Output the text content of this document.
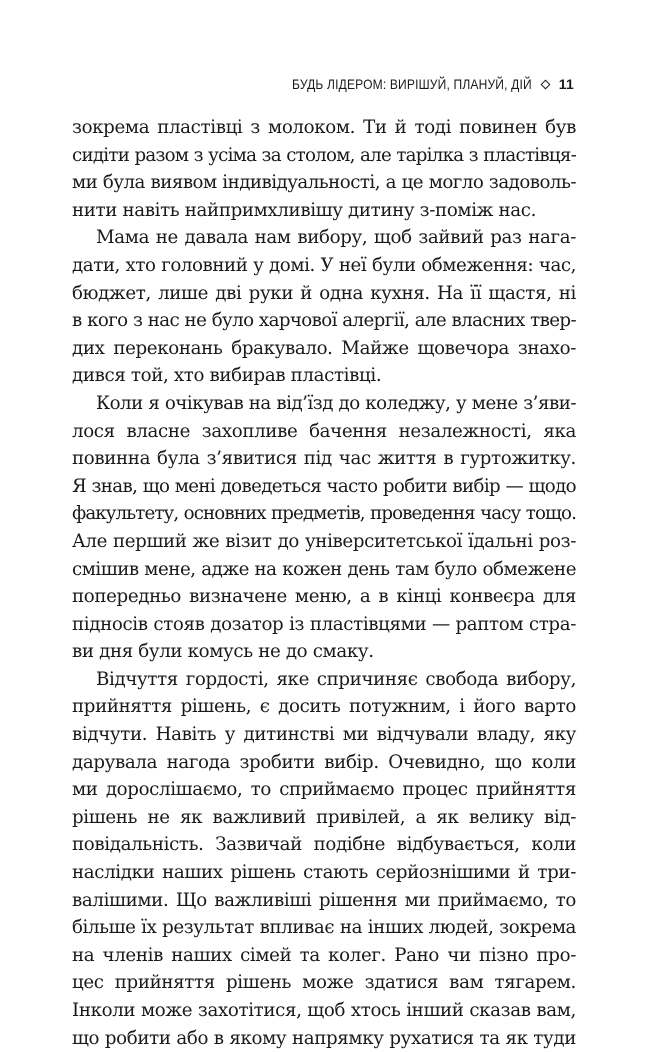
БУДЬ ЛІДЕРОМ: ВИРІШУЙ, ПЛАНУЙ, ДІЙ 11
зокрема пластівці з молоком. Ти й тоді повинен був
сидіти разом з усіма за столом, але тарілка з пластівця-
ми була виявом індивідуальності, а це могло задоволь-
нити навіть найпримхливішу дитину з-поміж нас.
Мама не давала нам вибору, щоб зайвий раз нага-
дати, хто головний у домі. У неї були обмеження: час,
бюджет, лише дві руки й одна кухня. На її щастя, ні
в кого з нас не було харчової алергії, але власних твер-
дих переконань бракувало. Майже щовечора знахо-
дився той, хто вибирав пластівці.
Коли я очікував на від’їзд до коледжу, у мене з’яви-
лося власне захопливе бачення незалежності, яка
повинна була з’явитися під час життя в гуртожитку.
Я знав, що мені доведеться часто робити вибір — щодо
факультету, основних предметів, проведення часу тощо.
Але перший же візит до університетської їдальні роз-
смішив мене, адже на кожен день там було обмежене
попередньо визначене меню, а в кінці конвеєра для
підносів стояв дозатор із пластівцями — раптом стра-
ви дня були комусь не до смаку.
Відчуття гордості, яке спричиняє свобода вибору,
прийняття рішень, є досить потужним, і його варто
відчути. Навіть у дитинстві ми відчували владу, яку
дарувала нагода зробити вибір. Очевидно, що коли
ми дорослішаємо, то сприймаємо процес прийняття
рішень не як важливий привілей, а як велику від-
повідальність. Зазвичай подібне відбувається, коли
наслідки наших рішень стають серйознішими й три-
валішими. Що важливіші рішення ми приймаємо, то
більше їх результат впливає на інших людей, зокрема
на членів наших сімей та колег. Рано чи пізно про-
цес прийняття рішень може здатися вам тягарем.
Інколи може захотітися, щоб хтось інший сказав вам,
що робити або в якому напрямку рухатися та як туди
